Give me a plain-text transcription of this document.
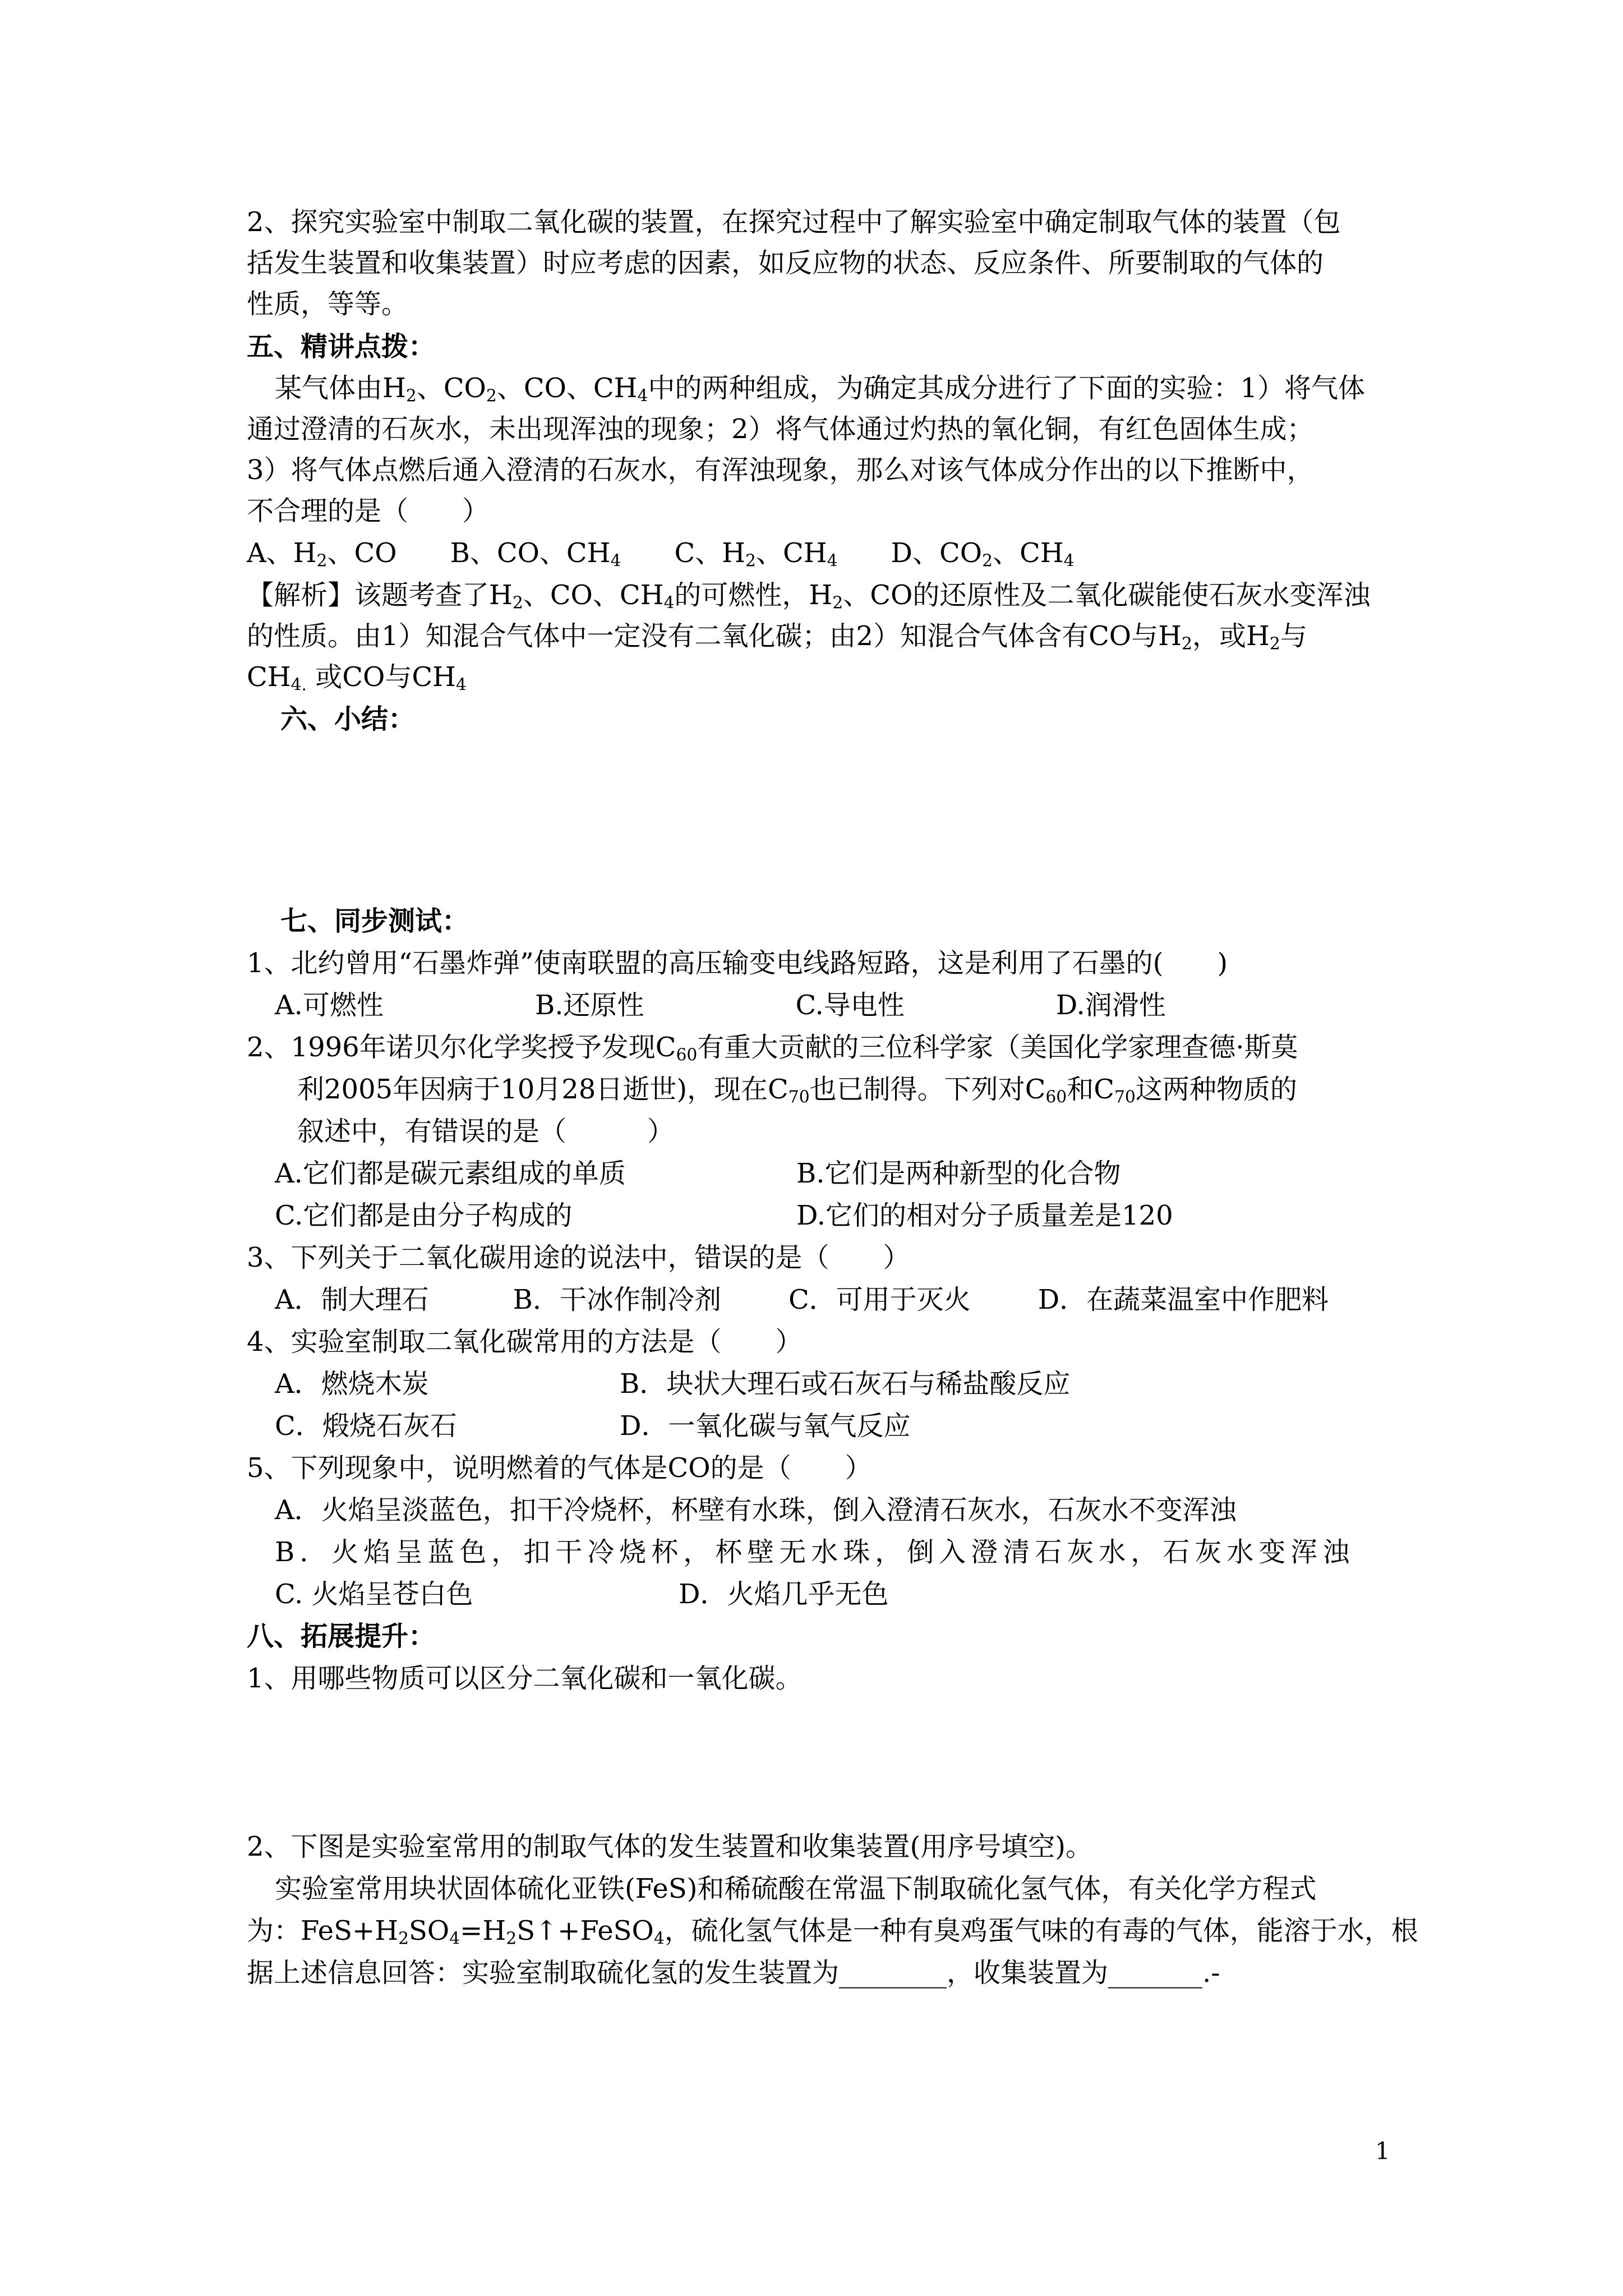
2、探究实验室中制取二氧化碳的装置，在探究过程中了解实验室中确定制取气体的装置（包
括发生装置和收集装置）时应考虑的因素，如反应物的状态、反应条件、所要制取的气体的
性质，等等。
五、精讲点拨：
某气体由$H_2$、$CO_2$、CO、$CH_4$中的两种组成，为确定其成分进行了下面的实验：1）将气体
通过澄清的石灰水，未出现浑浊的现象；2）将气体通过灼热的氧化铜，有红色固体生成；
3）将气体点燃后通入澄清的石灰水，有浑浊现象，那么对该气体成分作出的以下推断中，
不合理的是（　　）
A、$H_2$、CO B、CO、$CH_4$ C、$H_2$、$CH_4$ D、$CO_2$、$CH_4$
【解析】该题考查了$H_2$、CO、$CH_4$的可燃性，$H_2$、CO的还原性及二氧化碳能使石灰水变浑浊
的性质。由1）知混合气体中一定没有二氧化碳；由2）知混合气体含有CO与$H_2$，或$H_2$与
$CH_{4.}$ 或CO与$CH_4$
六、小结：
七、同步测试：
1、北约曾用“石墨炸弹”使南联盟的高压输变电线路短路，这是利用了石墨的(　　)
A.可燃性	B.还原性	C.导电性	D.润滑性
2、1996年诺贝尔化学奖授予发现$C_{60}$有重大贡献的三位科学家（美国化学家理查德·斯莫
利2005年因病于10月28日逝世)，现在$C_{70}$也已制得。下列对$C_{60}$和$C_{70}$这两种物质的
叙述中，有错误的是（　　　）
A.它们都是碳元素组成的单质	B.它们是两种新型的化合物
C.它们都是由分子构成的	D.它们的相对分子质量差是120
3、下列关于二氧化碳用途的说法中，错误的是（　　）
A．制大理石	B．干冰作制冷剂	C．可用于灭火	D．在蔬菜温室中作肥料
4、实验室制取二氧化碳常用的方法是（　　）
A．燃烧木炭	B．块状大理石或石灰石与稀盐酸反应
C．煅烧石灰石	D．一氧化碳与氧气反应
5、下列现象中，说明燃着的气体是CO的是（　　）
A．火焰呈淡蓝色，扣干冷烧杯，杯壁有水珠，倒入澄清石灰水，石灰水不变浑浊
B．火焰呈蓝色，扣干冷烧杯，杯壁无水珠，倒入澄清石灰水，石灰水变浑浊
C. 火焰呈苍白色	D．火焰几乎无色
八、拓展提升：
1、用哪些物质可以区分二氧化碳和一氧化碳。
2、下图是实验室常用的制取气体的发生装置和收集装置(用序号填空)。
实验室常用块状固体硫化亚铁(FeS)和稀硫酸在常温下制取硫化氢气体，有关化学方程式
为：$FeS+H_2SO_4=H_2S↑+FeSO_4$，硫化氢气体是一种有臭鸡蛋气味的有毒的气体，能溶于水，根
据上述信息回答：实验室制取硫化氢的发生装置为________，收集装置为_______.-
1
